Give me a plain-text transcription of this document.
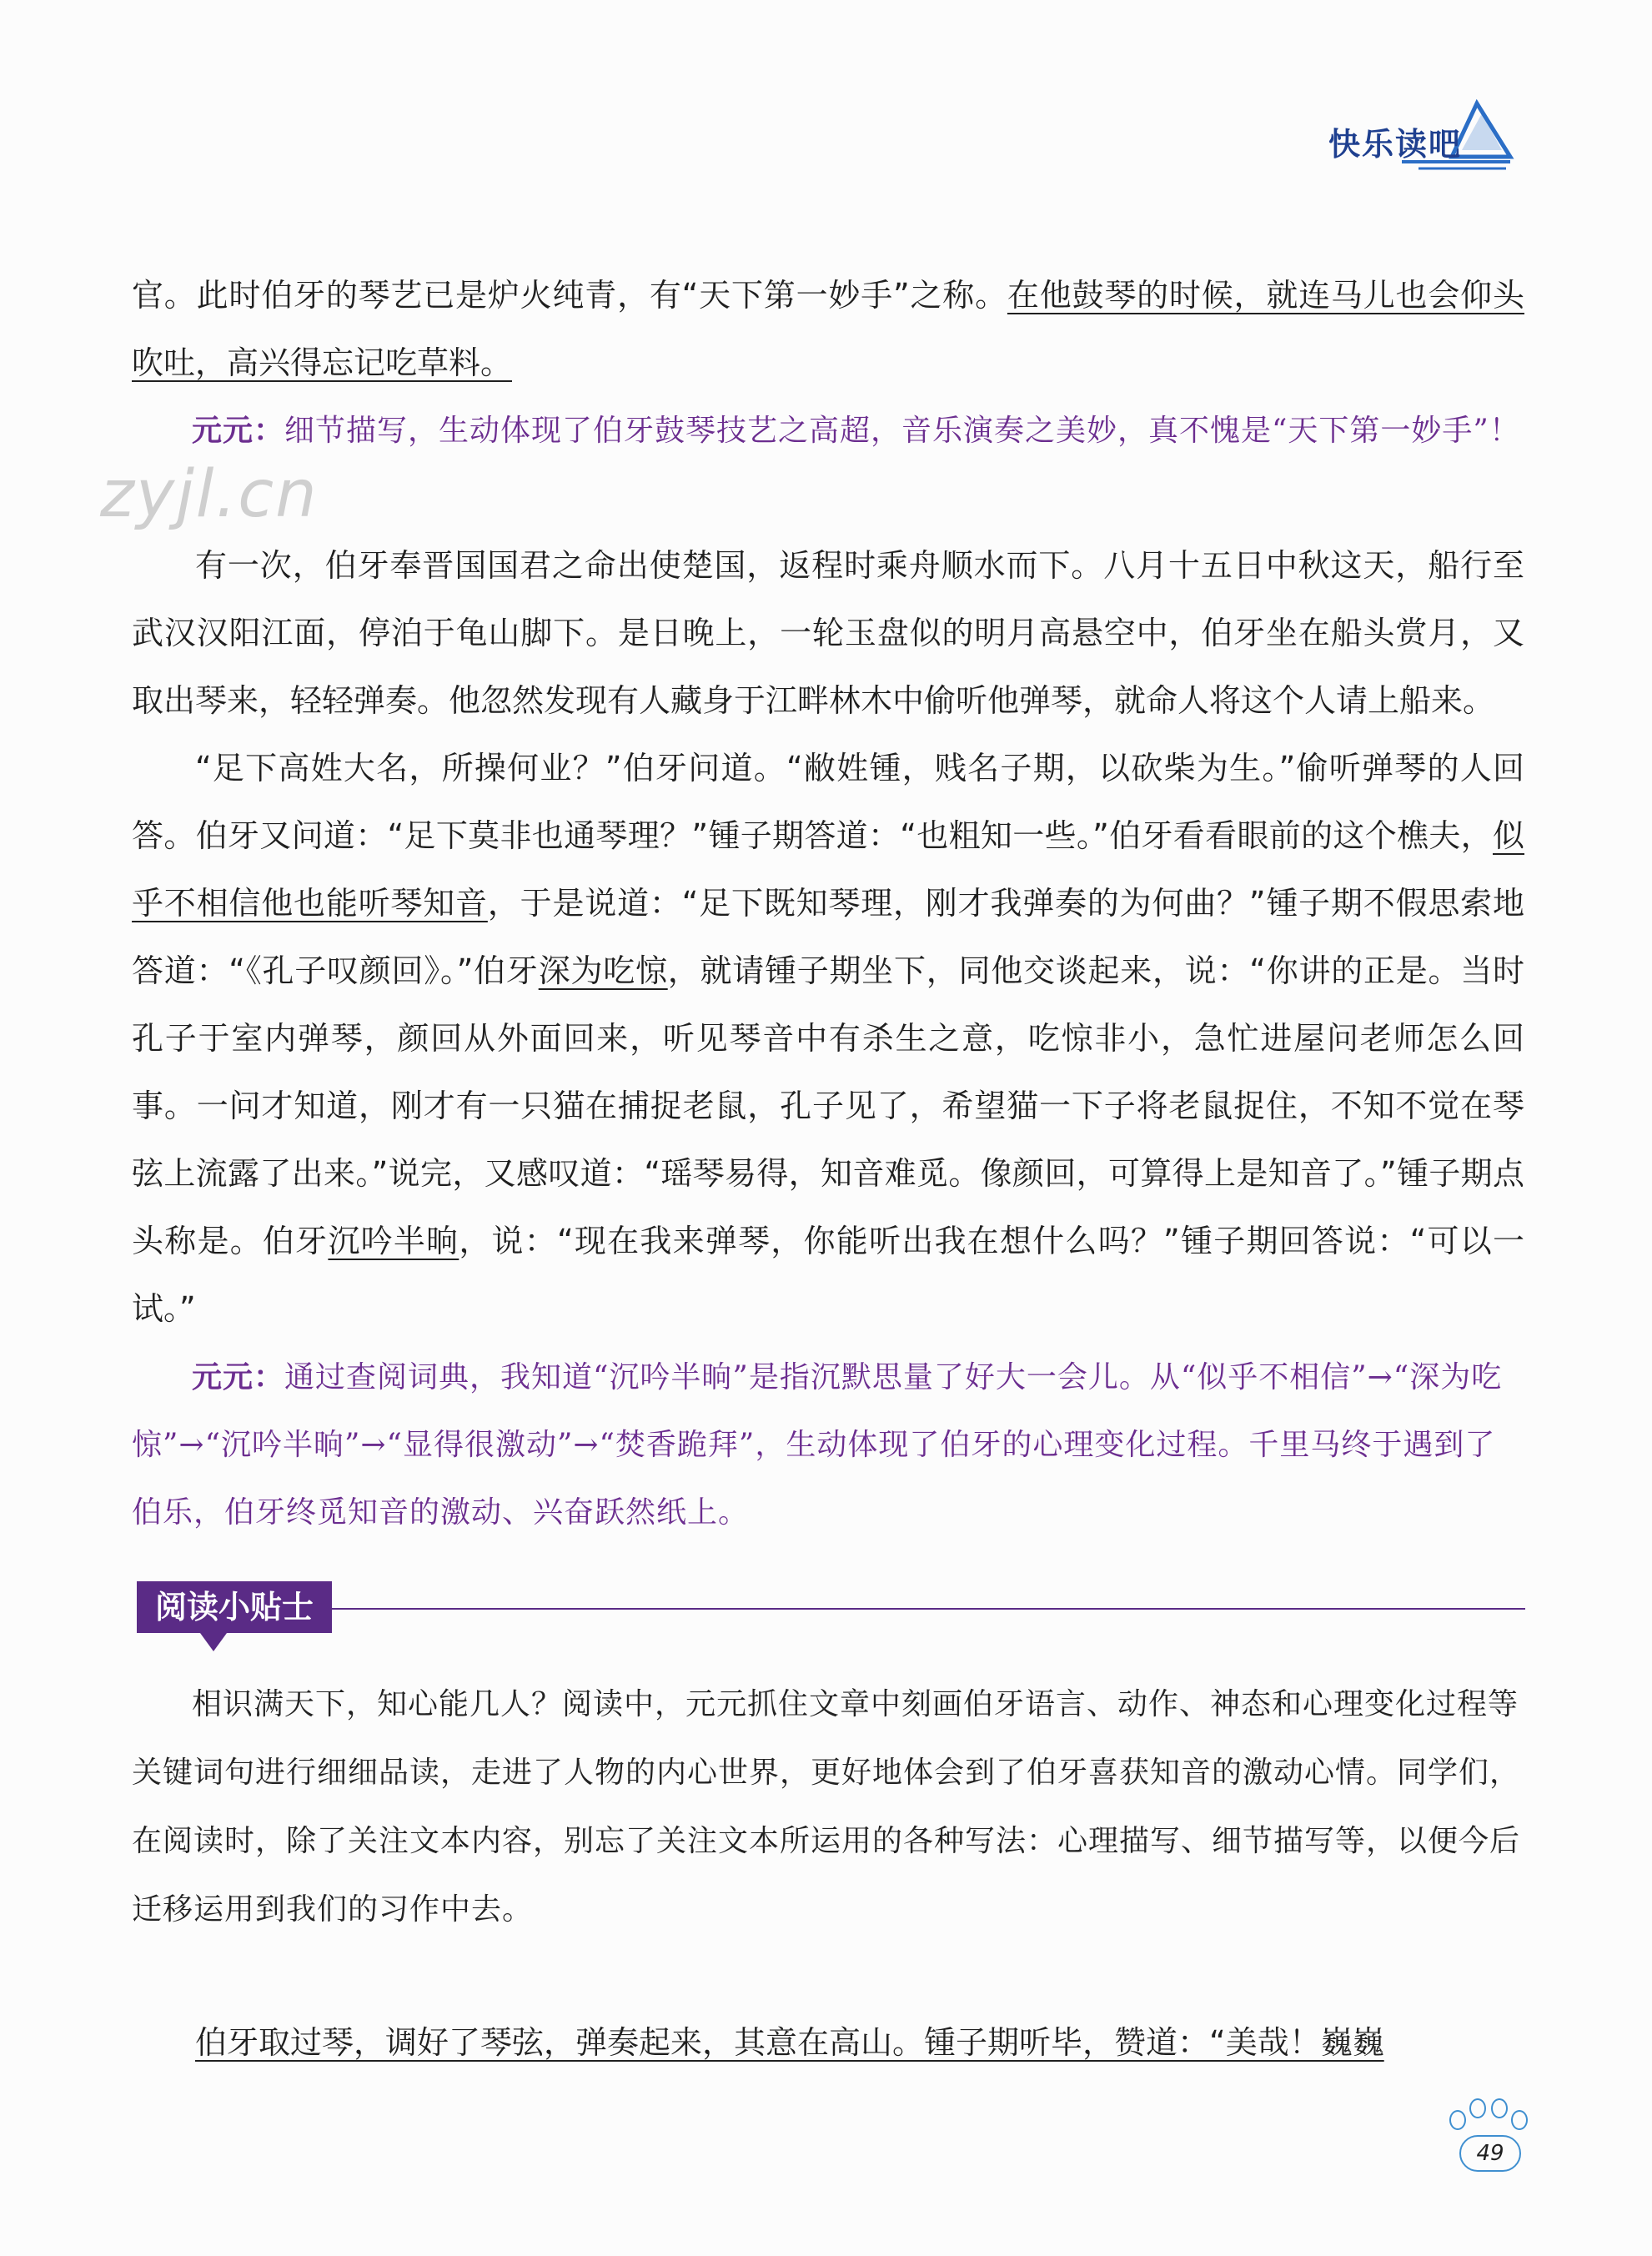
快乐读吧
zyjl.cn

官。此时伯牙的琴艺已是炉火纯青，有“天下第一妙手”之称。在他鼓琴的时候，就连马儿也会仰头吹吐，高兴得忘记吃草料。

元元：细节描写，生动体现了伯牙鼓琴技艺之高超，音乐演奏之美妙，真不愧是“天下第一妙手”！

有一次，伯牙奉晋国国君之命出使楚国，返程时乘舟顺水而下。八月十五日中秋这天，船行至武汉汉阳江面，停泊于龟山脚下。是日晚上，一轮玉盘似的明月高悬空中，伯牙坐在船头赏月，又取出琴来，轻轻弹奏。他忽然发现有人藏身于江畔林木中偷听他弹琴，就命人将这个人请上船来。

“足下高姓大名，所操何业？”伯牙问道。“敝姓锺，贱名子期，以砍柴为生。”偷听弹琴的人回答。伯牙又问道：“足下莫非也通琴理？”锺子期答道：“也粗知一些。”伯牙看看眼前的这个樵夫，似乎不相信他也能听琴知音，于是说道：“足下既知琴理，刚才我弹奏的为何曲？”锺子期不假思索地答道：“《孔子叹颜回》。”伯牙深为吃惊，就请锺子期坐下，同他交谈起来，说：“你讲的正是。当时孔子于室内弹琴，颜回从外面回来，听见琴音中有杀生之意，吃惊非小，急忙进屋问老师怎么回事。一问才知道，刚才有一只猫在捕捉老鼠，孔子见了，希望猫一下子将老鼠捉住，不知不觉在琴弦上流露了出来。”说完，又感叹道：“瑶琴易得，知音难觅。像颜回，可算得上是知音了。”锺子期点头称是。伯牙沉吟半晌，说：“现在我来弹琴，你能听出我在想什么吗？”锺子期回答说：“可以一试。”

元元：通过查阅词典，我知道“沉吟半晌”是指沉默思量了好大一会儿。从“似乎不相信”→“深为吃惊”→“沉吟半晌”→“显得很激动”→“焚香跪拜”，生动体现了伯牙的心理变化过程。千里马终于遇到了伯乐，伯牙终觅知音的激动、兴奋跃然纸上。

阅读小贴士

相识满天下，知心能几人？阅读中，元元抓住文章中刻画伯牙语言、动作、神态和心理变化过程等关键词句进行细细品读，走进了人物的内心世界，更好地体会到了伯牙喜获知音的激动心情。同学们，在阅读时，除了关注文本内容，别忘了关注文本所运用的各种写法：心理描写、细节描写等，以便今后迁移运用到我们的习作中去。

伯牙取过琴，调好了琴弦，弹奏起来，其意在高山。锺子期听毕，赞道：“美哉！巍巍

49
